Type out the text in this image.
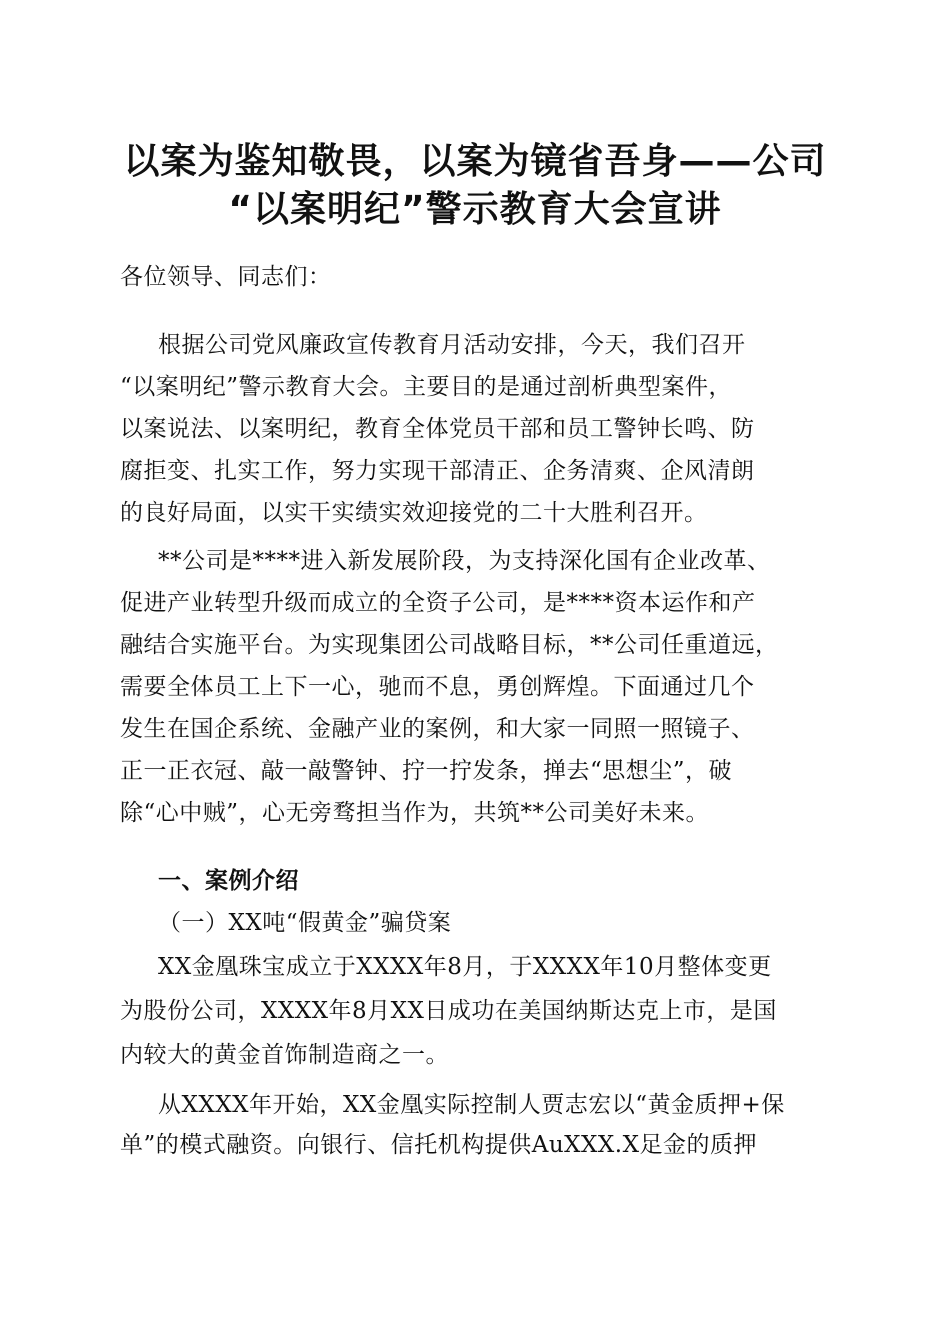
以案为鉴知敬畏，以案为镜省吾身——公司
“以案明纪”警示教育大会宣讲
各位领导、同志们：
根据公司党风廉政宣传教育月活动安排，今天，我们召开
“以案明纪”警示教育大会。主要目的是通过剖析典型案件，
以案说法、以案明纪，教育全体党员干部和员工警钟长鸣、防
腐拒变、扎实工作，努力实现干部清正、企务清爽、企风清朗
的良好局面，以实干实绩实效迎接党的二十大胜利召开。
**公司是****进入新发展阶段，为支持深化国有企业改革、
促进产业转型升级而成立的全资子公司，是****资本运作和产
融结合实施平台。为实现集团公司战略目标，**公司任重道远，
需要全体员工上下一心，驰而不息，勇创辉煌。下面通过几个
发生在国企系统、金融产业的案例，和大家一同照一照镜子、
正一正衣冠、敲一敲警钟、拧一拧发条，掸去“思想尘”，破
除“心中贼”，心无旁骛担当作为，共筑**公司美好未来。
一、案例介绍
（一）XX吨“假黄金”骗贷案
XX金凰珠宝成立于XXXX年8月，于XXXX年10月整体变更
为股份公司，XXXX年8月XX日成功在美国纳斯达克上市，是国
内较大的黄金首饰制造商之一。
从XXXX年开始，XX金凰实际控制人贾志宏以“黄金质押+保
单”的模式融资。向银行、信托机构提供AuXXX.X足金的质押
